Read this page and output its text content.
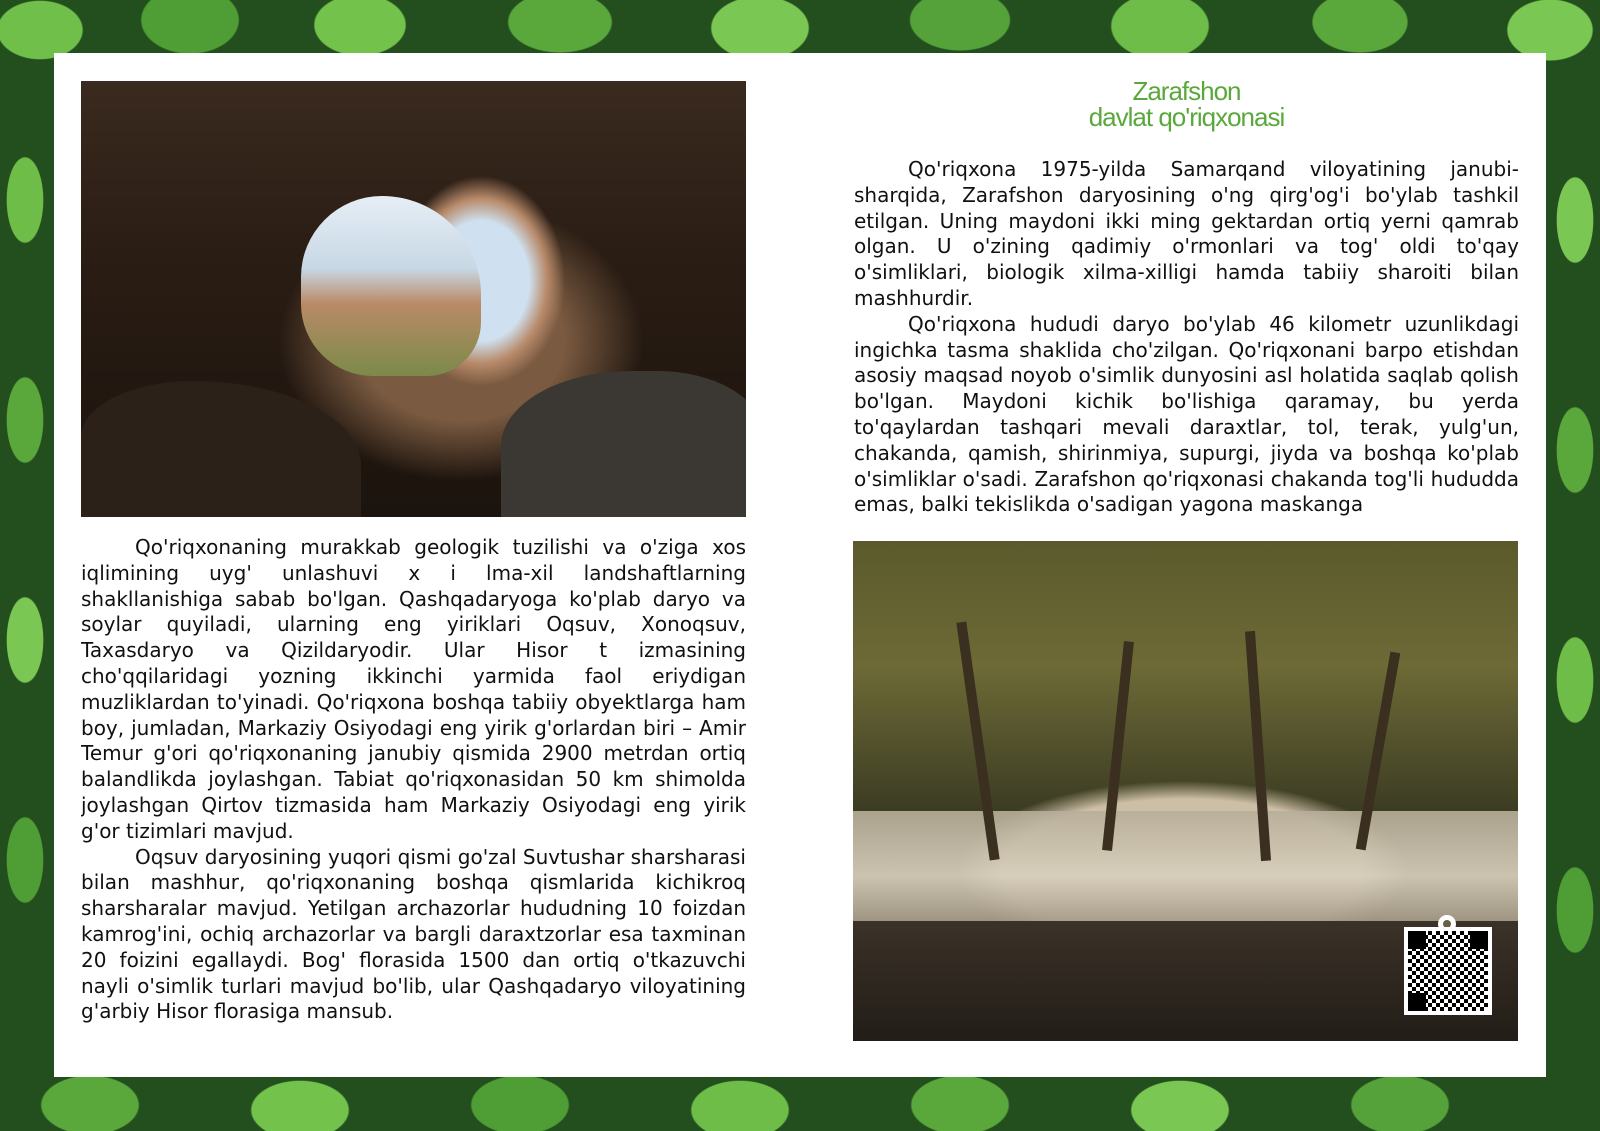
Zarafshon
davlat qo'riqxonasi

Qo'riqxona 1975-yilda Samarqand viloyatining janubi- sharqida, Zarafshon daryosining o'ng qirg'og'i bo'ylab tashkil etilgan. Uning maydoni ikki ming gektardan ortiq yerni qamrab olgan. U o'zining qadimiy o'rmonlari va tog' oldi to'qay o'simliklari, biologik xilma-xilligi hamda tabiiy sharoiti bilan mashhurdir.

Qo'riqxona hududi daryo bo'ylab 46 kilometr uzunlikdagi ingichka tasma shaklida cho'zilgan. Qo'riqxonani barpo etishdan asosiy maqsad noyob o'simlik dunyosini asl holatida saqlab qolish bo'lgan. Maydoni kichik bo'lishiga qaramay, bu yerda to'qaylardan tashqari mevali daraxtlar, tol, terak, yulg'un, chakanda, qamish, shirinmiya, supurgi, jiyda va boshqa ko'plab o'simliklar o'sadi. Zarafshon qo'riqxonasi chakanda tog'li hududda emas, balki tekislikda o'sadigan yagona maskanga

Qo'riqxonaning murakkab geologik tuzilishi va o'ziga xos iqlimining uyg' unlashuvi x i lma-xil landshaftlarning shakllanishiga sabab bo'lgan. Qashqadaryoga ko'plab daryo va soylar quyiladi, ularning eng yiriklari Oqsuv, Xonoqsuv, Taxasdaryo va Qizildaryodir. Ular Hisor t izmasining cho'qqilaridagi yozning ikkinchi yarmida faol eriydigan muzliklardan to'yinadi. Qo'riqxona boshqa tabiiy obyektlarga ham boy, jumladan, Markaziy Osiyodagi eng yirik g'orlardan biri – Amir Temur g'ori qo'riqxonaning janubiy qismida 2900 metrdan ortiq balandlikda joylashgan. Tabiat qo'riqxonasidan 50 km shimolda joylashgan Qirtov tizmasida ham Markaziy Osiyodagi eng yirik g'or tizimlari mavjud.

Oqsuv daryosining yuqori qismi go'zal Suvtushar sharsharasi bilan mashhur, qo'riqxonaning boshqa qismlarida kichikroq sharsharalar mavjud. Yetilgan archazorlar hududning 10 foizdan kamrog'ini, ochiq archazorlar va bargli daraxtzorlar esa taxminan 20 foizini egallaydi. Bog' florasida 1500 dan ortiq o'tkazuvchi nayli o'simlik turlari mavjud bo'lib, ular Qashqadaryo viloyatining g'arbiy Hisor florasiga mansub.
